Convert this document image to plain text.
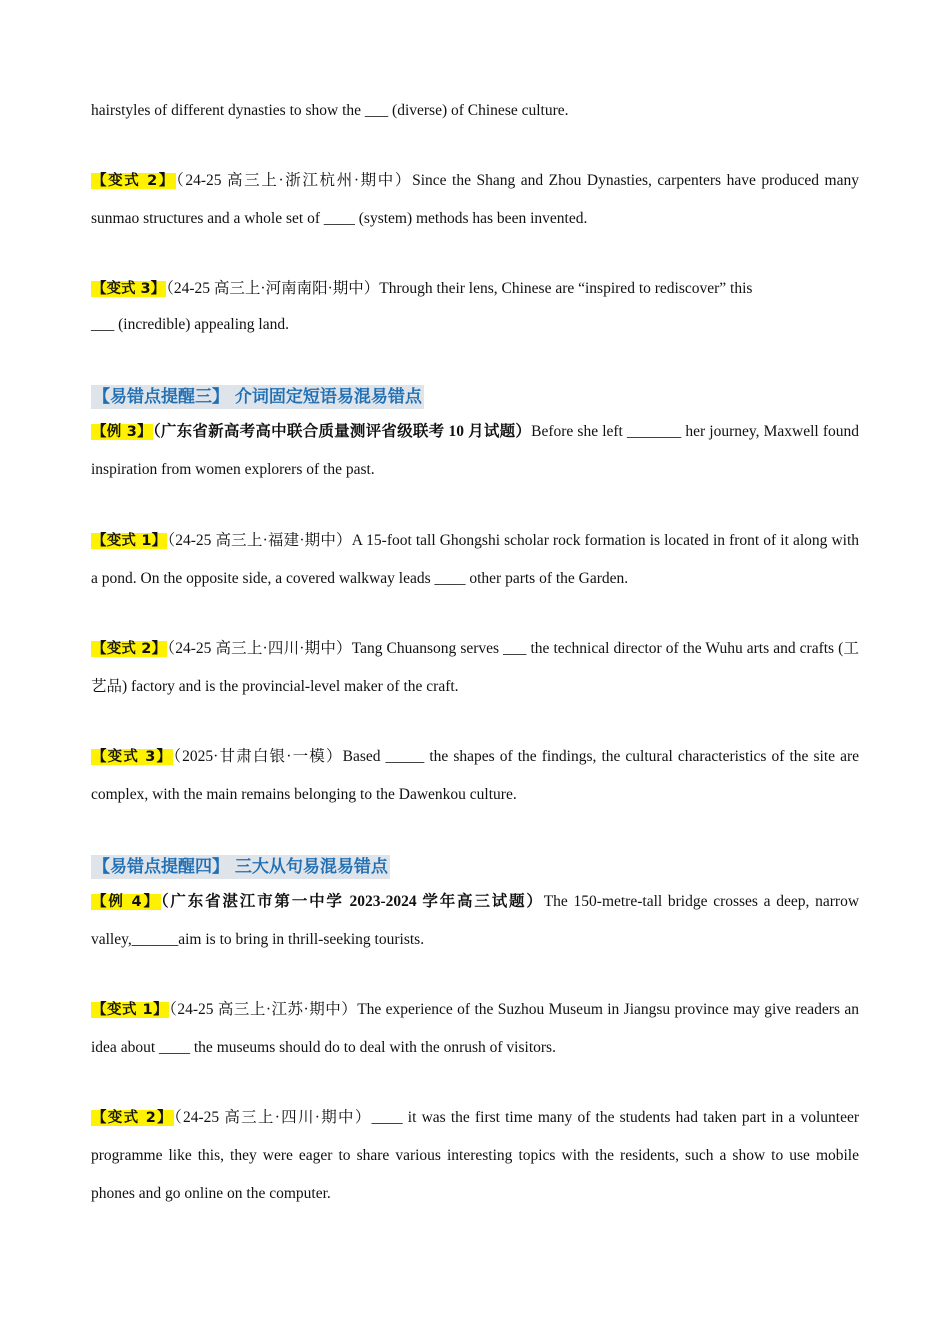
hairstyles of different dynasties to show the ___ (diverse) of Chinese culture.
【变式 2】（24-25 高三上·浙江杭州·期中）Since the Shang and Zhou Dynasties, carpenters have produced many sunmao structures and a whole set of ____ (system) methods has been invented.
【变式 3】（24-25 高三上·河南南阳·期中）Through their lens, Chinese are “inspired to rediscover” this
___ (incredible) appealing land.
【易错点提醒三】 介词固定短语易混易错点
【例 3】（广东省新高考高中联合质量测评省级联考 10 月试题）Before she left _______ her journey, Maxwell found inspiration from women explorers of the past.
【变式 1】（24-25 高三上·福建·期中）A 15-foot tall Ghongshi scholar rock formation is located in front of it along with a pond. On the opposite side, a covered walkway leads ____ other parts of the Garden.
【变式 2】（24-25 高三上·四川·期中）Tang Chuansong serves ___ the technical director of the Wuhu arts and crafts (工艺品) factory and is the provincial-level maker of the craft.
【变式 3】（2025·甘肃白银·一模）Based _____ the shapes of the findings, the cultural characteristics of the site are complex, with the main remains belonging to the Dawenkou culture.
【易错点提醒四】 三大从句易混易错点
【例 4】（广东省湛江市第一中学 2023-2024 学年高三试题）The 150-metre-tall bridge crosses a deep, narrow valley,______aim is to bring in thrill-seeking tourists.
【变式 1】（24-25 高三上·江苏·期中）The experience of the Suzhou Museum in Jiangsu province may give readers an idea about ____ the museums should do to deal with the onrush of visitors.
【变式 2】（24-25 高三上·四川·期中）____ it was the first time many of the students had taken part in a volunteer programme like this, they were eager to share various interesting topics with the residents, such a show to use mobile phones and go online on the computer.
